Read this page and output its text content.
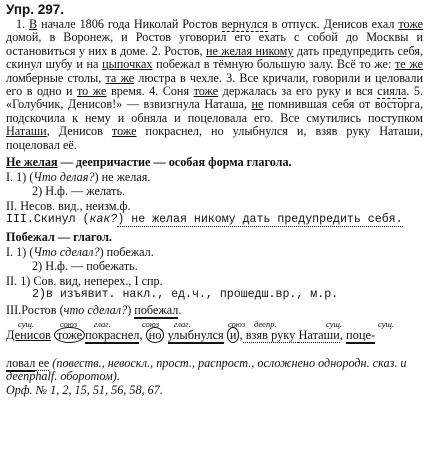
Упр. 297.

1. В начале 1806 года Николай Ростов вернулся в отпуск. Денисов ехал тоже домой, в Воронеж, и Ростов уговорил его ехать с собой до Москвы и остановиться у них в доме. 2. Ростов, не желая никому дать предупредить себя, скинул шубу и на цыпочках побежал в тёмную большую залу. Всё то же: те же ломберные столы, та же люстра в чехле. 3. Все кричали, говорили и целовали его в одно и то же время. 4. Соня тоже держалась за его руку и вся сияла. 5. «Голубчик, Денисов!» — взвизгнула Наташа, не помнившая себя от восторга, подскочила к нему и обняла и поцеловала его. Все смутились поступком Наташи, Денисов тоже покраснел, но улыбнулся и, взяв руку Наташи, поцеловал её.

Не желая — деепричастие — особая форма глагола.

I. 1) (Что делая?) не желая.

2) Н.ф. — желать.

II. Несов. вид., неизм.ф.

III.Скинул (как?) не желая никому дать предупредить себя.

Побежал — глагол.

I. 1) (Что сделал?) побежал.

2) Н.ф. — побежать.

II. 1) Сов. вид, неперех., I спр.

2)в изъявит. накл., ед.ч., прошедш.вр., м.р.

III.Ростов (что сделал?) побежал.

сущ.	союз глаг.	союз глаг.	союз деепр.	сущ.	сущ.
Денисов тоже покраснел, но улыбнулся и , взяв руку Наташи, поце-

ловал ее (повеств., невоскл., прост., распрост., осложнено однородн. сказ. и деепрhalf. оборотом).

Орф. № 1, 2, 15, 51, 56, 58, 67.
